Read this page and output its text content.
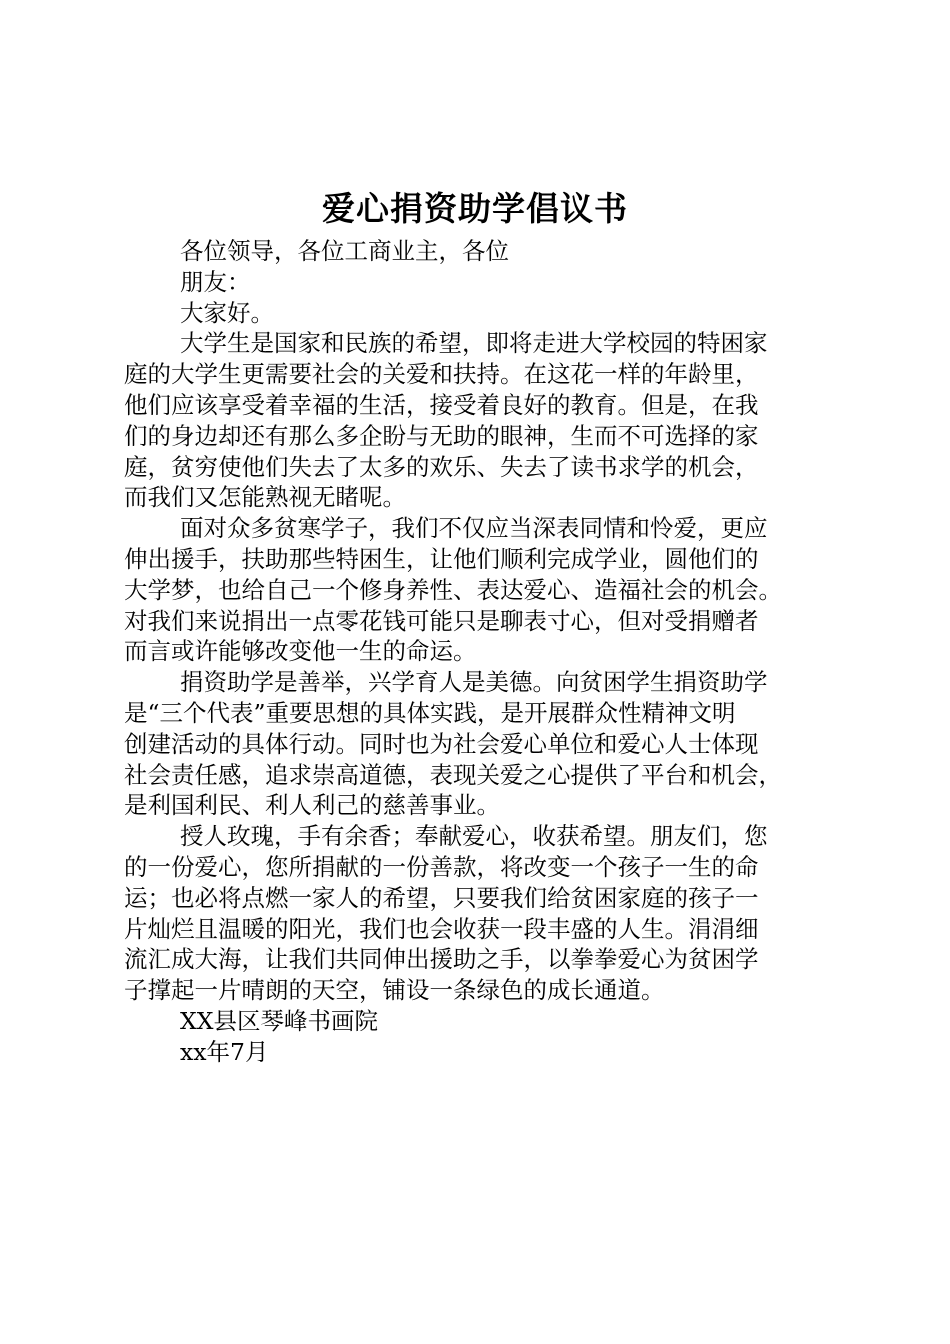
爱心捐资助学倡议书
各位领导，各位工商业主，各位
朋友：
大家好。
大学生是国家和民族的希望，即将走进大学校园的特困家
庭的大学生更需要社会的关爱和扶持。在这花一样的年龄里，
他们应该享受着幸福的生活，接受着良好的教育。但是，在我
们的身边却还有那么多企盼与无助的眼神，生而不可选择的家
庭，贫穷使他们失去了太多的欢乐、失去了读书求学的机会，
而我们又怎能熟视无睹呢。
面对众多贫寒学子，我们不仅应当深表同情和怜爱，更应
伸出援手，扶助那些特困生，让他们顺利完成学业，圆他们的
大学梦，也给自己一个修身养性、表达爱心、造福社会的机会。
对我们来说捐出一点零花钱可能只是聊表寸心，但对受捐赠者
而言或许能够改变他一生的命运。
捐资助学是善举，兴学育人是美德。向贫困学生捐资助学
是“三个代表”重要思想的具体实践，是开展群众性精神文明
创建活动的具体行动。同时也为社会爱心单位和爱心人士体现
社会责任感，追求崇高道德，表现关爱之心提供了平台和机会，
是利国利民、利人利己的慈善事业。
授人玫瑰，手有余香；奉献爱心，收获希望。朋友们，您
的一份爱心，您所捐献的一份善款，将改变一个孩子一生的命
运；也必将点燃一家人的希望，只要我们给贫困家庭的孩子一
片灿烂且温暖的阳光，我们也会收获一段丰盛的人生。涓涓细
流汇成大海，让我们共同伸出援助之手，以拳拳爱心为贫困学
子撑起一片晴朗的天空，铺设一条绿色的成长通道。
XX县区琴峰书画院
xx年7月
